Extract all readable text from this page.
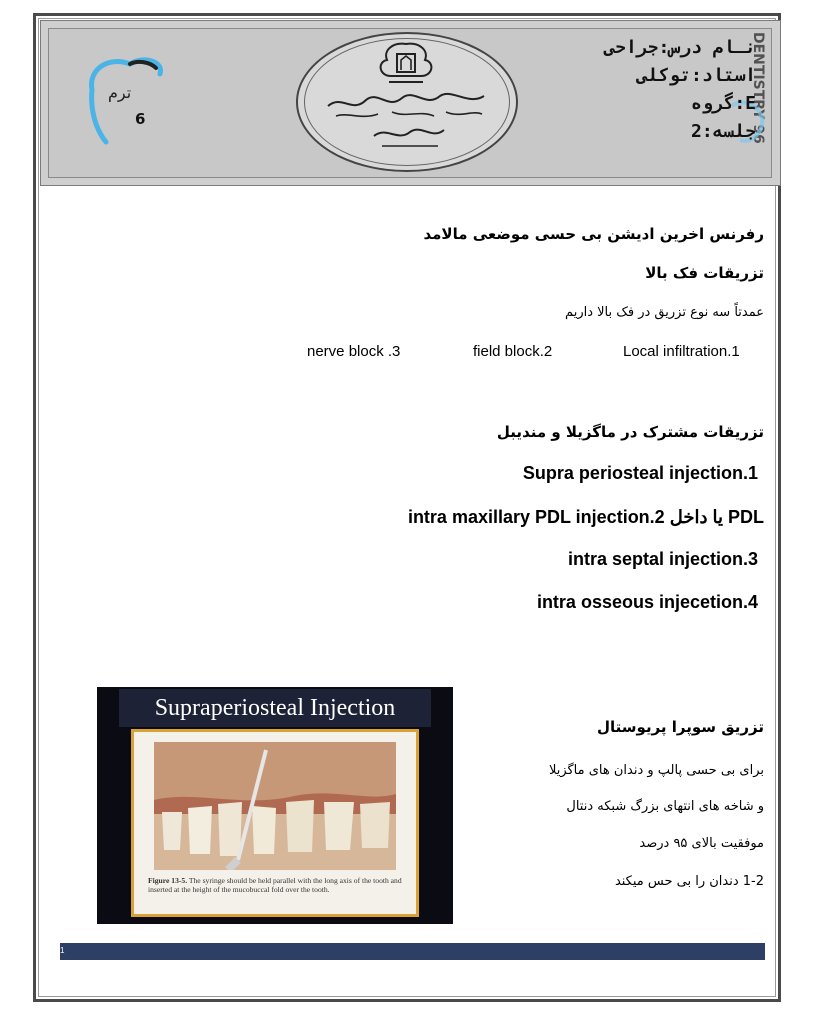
ترم
6	DENTISTRY 96
نـام درس:جراحی
استاد:توکلی
گروه:E
جلسه:2
رفرنس اخرین ادیشن بی حسی موضعی مالامد
تزریقات فک بالا
عمدتاً سه نوع تزریق در فک بالا داریم
Local infiltration.1
field block.2
nerve block .3
تزریقات مشترک در ماگزیلا و مندیبل
Supra periosteal injection.1
intra maxillary PDL injection.2 یا داخل PDL
intra septal injection.3
intra osseous injecetion.4
Supraperiosteal Injection
Figure 13-5. The syringe should be held parallel with the long axis of the tooth and inserted at the height of the mucobuccal fold over the tooth.
تزریق سوپرا پریوستال
برای بی حسی پالپ و دندان های ماگزیلا
و شاخه های انتهای بزرگ شبکه دنتال
موفقیت بالای ۹۵ درصد
1-2 دندان را بی حس میکند
1
